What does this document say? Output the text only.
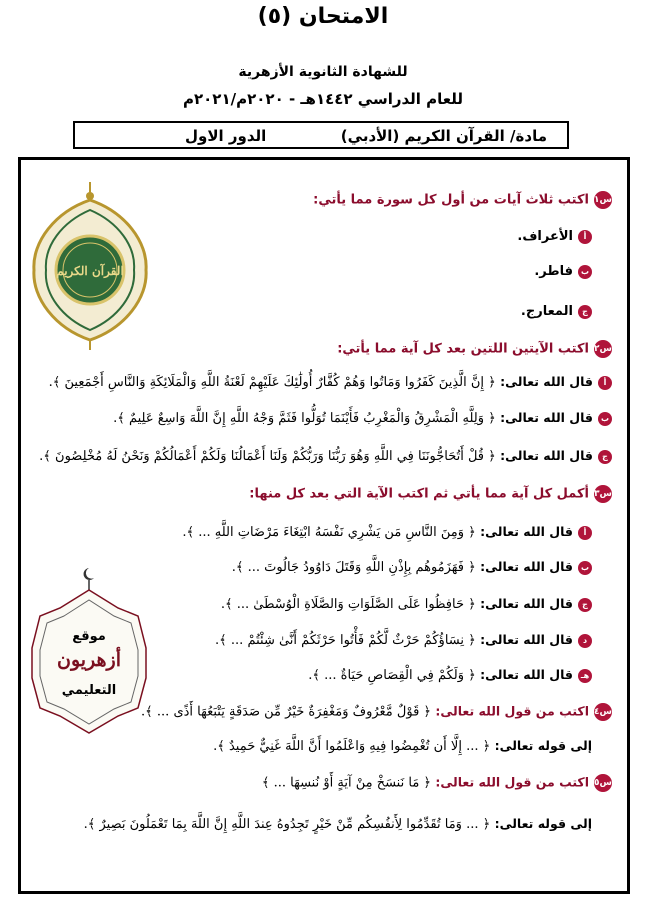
الامتحان (٥)
للشهادة الثانوية الأزهرية
للعام الدراسي ١٤٤٢هـ - ٢٠٢٠م/٢٠٢١م
مادة/ القرآن الكريم (الأدبي)
الدور الاول
القرآن الكريم
موقع
أزهريون
التعليمي
س١اكتب ثلاث آيات من أول كل سورة مما يأتي:
أالأعراف.
بفاطر.
جالمعارج.
س٢اكتب الآيتين اللتين بعد كل آية مما يأتي:
أقال الله تعالى: ﴿ إِنَّ الَّذِينَ كَفَرُوا وَمَاتُوا وَهُمْ كُفَّارٌ أُولَٰئِكَ عَلَيْهِمْ لَعْنَةُ اللَّهِ وَالْمَلَائِكَةِ وَالنَّاسِ أَجْمَعِينَ ﴾.
بقال الله تعالى: ﴿ وَلِلَّهِ الْمَشْرِقُ وَالْمَغْرِبُ فَأَيْنَمَا تُوَلُّوا فَثَمَّ وَجْهُ اللَّهِ إِنَّ اللَّهَ وَاسِعٌ عَلِيمٌ ﴾.
جقال الله تعالى: ﴿ قُلْ أَتُحَاجُّونَنَا فِي اللَّهِ وَهُوَ رَبُّنَا وَرَبُّكُمْ وَلَنَا أَعْمَالُنَا وَلَكُمْ أَعْمَالُكُمْ وَنَحْنُ لَهُ مُخْلِصُونَ ﴾.
س٣أكمل كل آية مما يأتي ثم اكتب الآية التي بعد كل منها:
أقال الله تعالى: ﴿ وَمِنَ النَّاسِ مَن يَشْرِي نَفْسَهُ ابْتِغَاءَ مَرْضَاتِ اللَّهِ ... ﴾.
بقال الله تعالى: ﴿ فَهَزَمُوهُم بِإِذْنِ اللَّهِ وَقَتَلَ دَاوُودُ جَالُوتَ ... ﴾.
جقال الله تعالى: ﴿ حَافِظُوا عَلَى الصَّلَوَاتِ وَالصَّلَاةِ الْوُسْطَىٰ ... ﴾.
دقال الله تعالى: ﴿ نِسَاؤُكُمْ حَرْثٌ لَّكُمْ فَأْتُوا حَرْثَكُمْ أَنَّىٰ شِئْتُمْ ... ﴾.
هـقال الله تعالى: ﴿ وَلَكُمْ فِي الْقِصَاصِ حَيَاةٌ ... ﴾.
س٤اكتب من قول الله تعالى: ﴿ قَوْلٌ مَّعْرُوفٌ وَمَغْفِرَةٌ خَيْرٌ مِّن صَدَقَةٍ يَتْبَعُهَا أَذًى ... ﴾.
إلى قوله تعالى: ﴿ ... إِلَّا أَن تُغْمِضُوا فِيهِ وَاعْلَمُوا أَنَّ اللَّهَ غَنِيٌّ حَمِيدٌ ﴾.
س٥اكتب من قول الله تعالى: ﴿ مَا نَنسَخْ مِنْ آيَةٍ أَوْ نُنسِهَا ... ﴾
إلى قوله تعالى: ﴿ ... وَمَا تُقَدِّمُوا لِأَنفُسِكُم مِّنْ خَيْرٍ تَجِدُوهُ عِندَ اللَّهِ إِنَّ اللَّهَ بِمَا تَعْمَلُونَ بَصِيرٌ ﴾.
